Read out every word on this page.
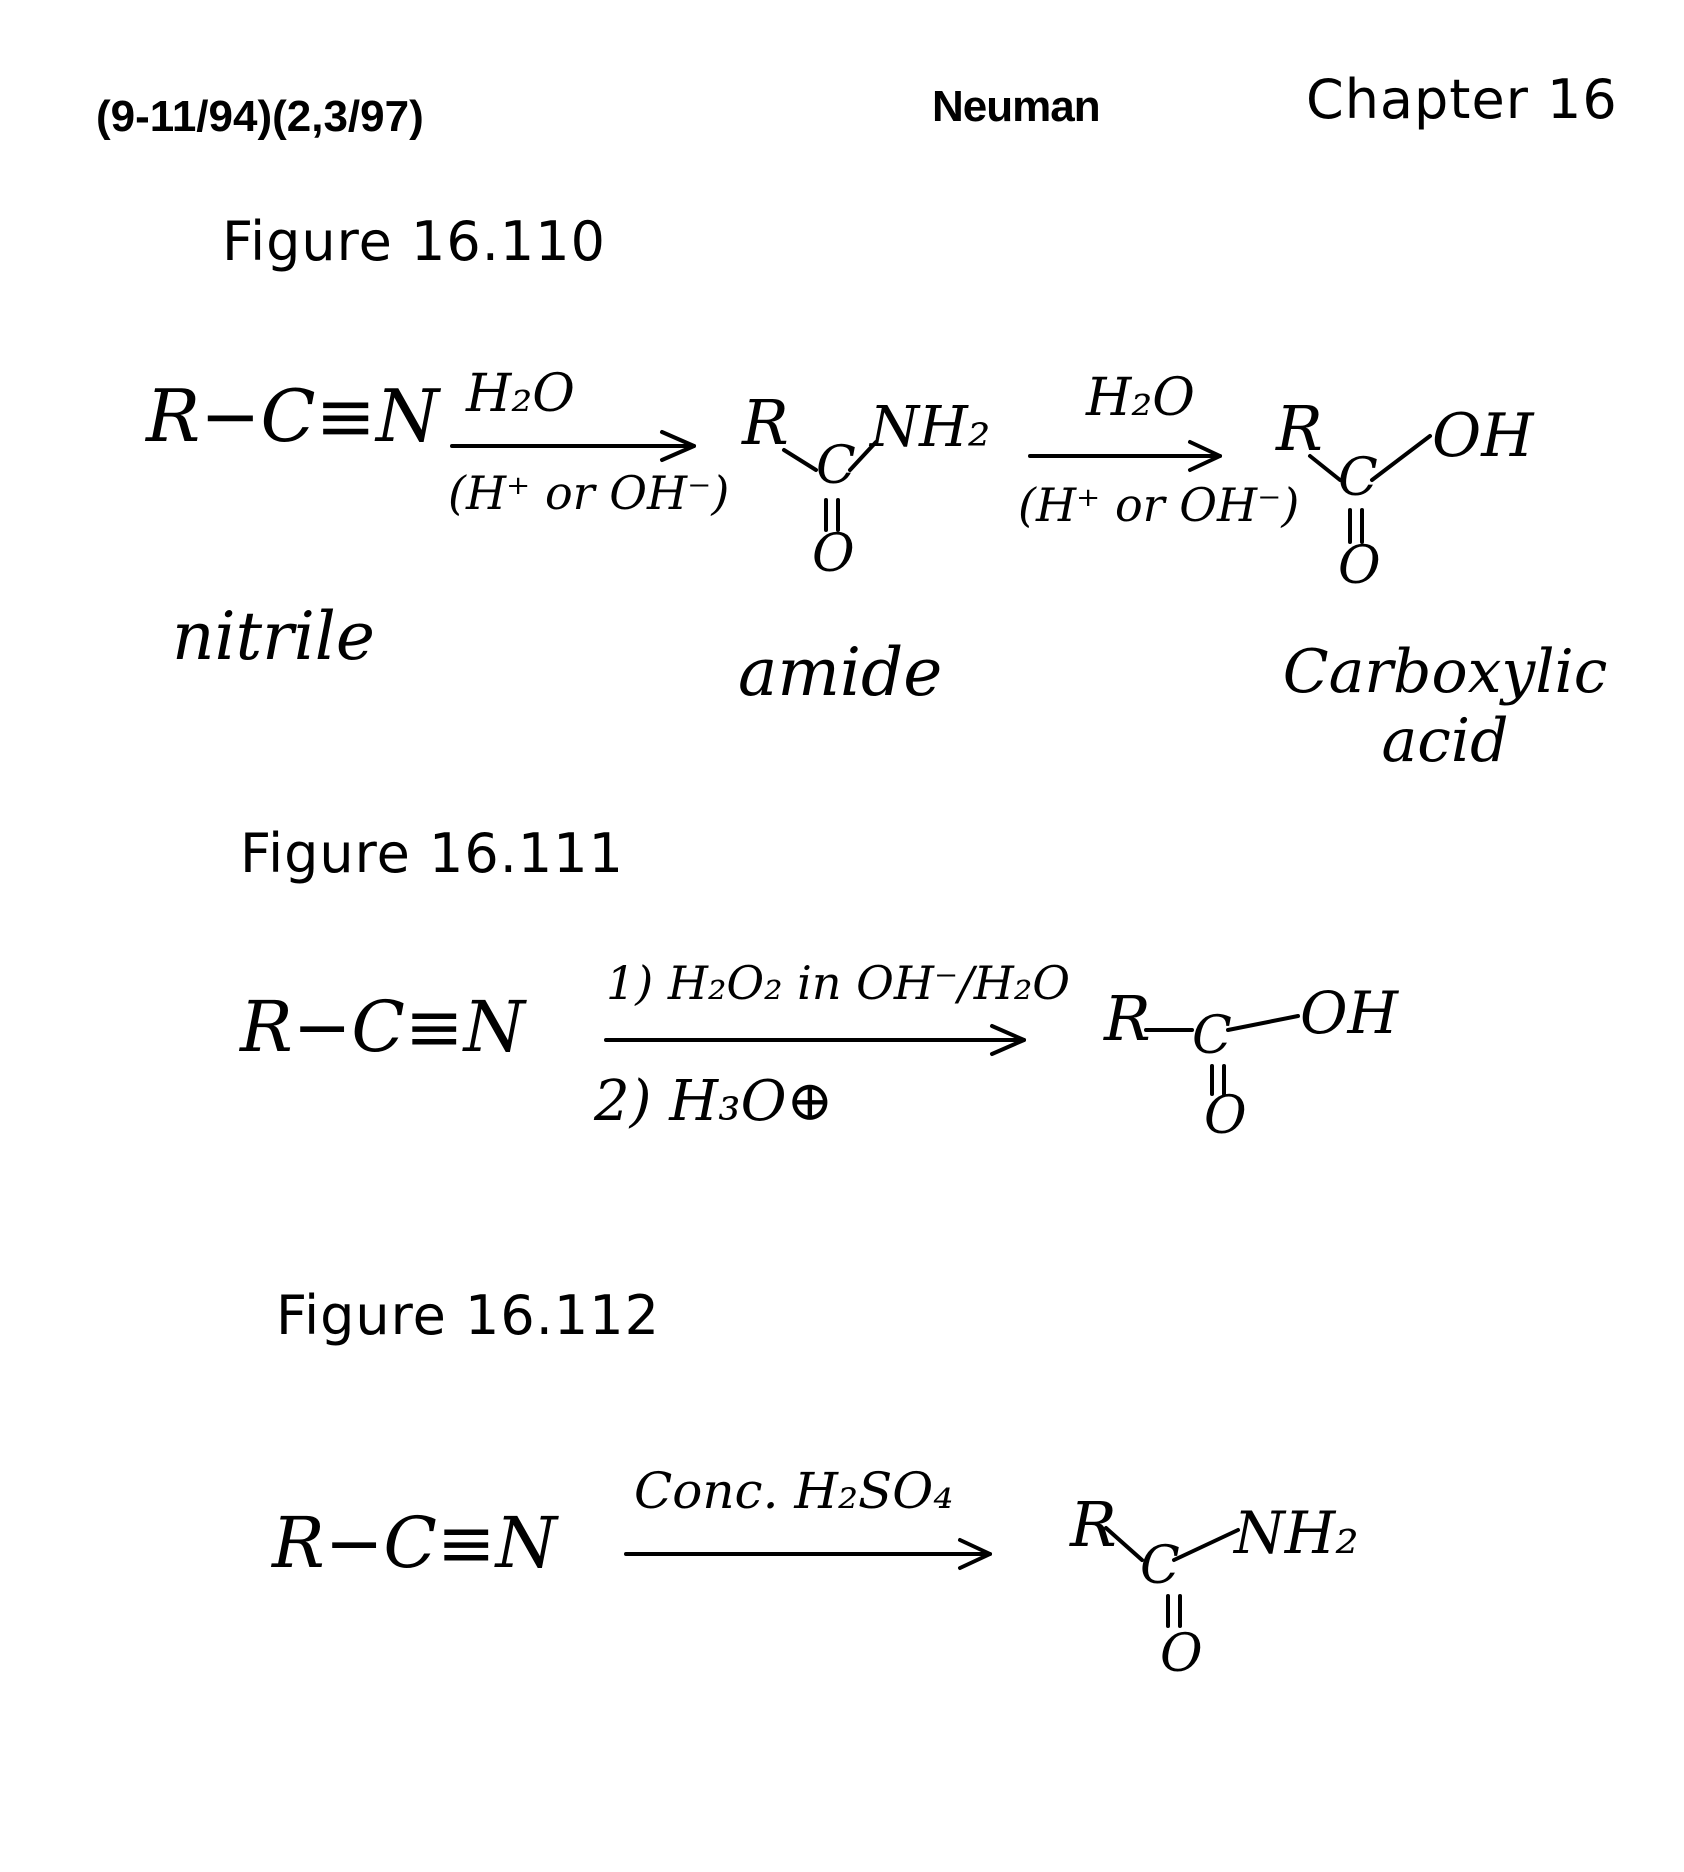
(9-11/94)(2,3/97)	Neuman	Chapter 16
Figure 16.110
Figure 16.111
Figure 16.112
R−C≡N H₂O
(H⁺ or OH⁻)
R
C
NH₂
O
H₂O
(H⁺ or OH⁻)
R
C
OH
O
nitrile	amide	Carboxylic acid
R−C≡N
1) H₂O₂ in OH⁻/H₂O
2) H₃O⊕
R C OH
O
R−C≡N
Conc. H₂SO₄ R
C NH₂
O
